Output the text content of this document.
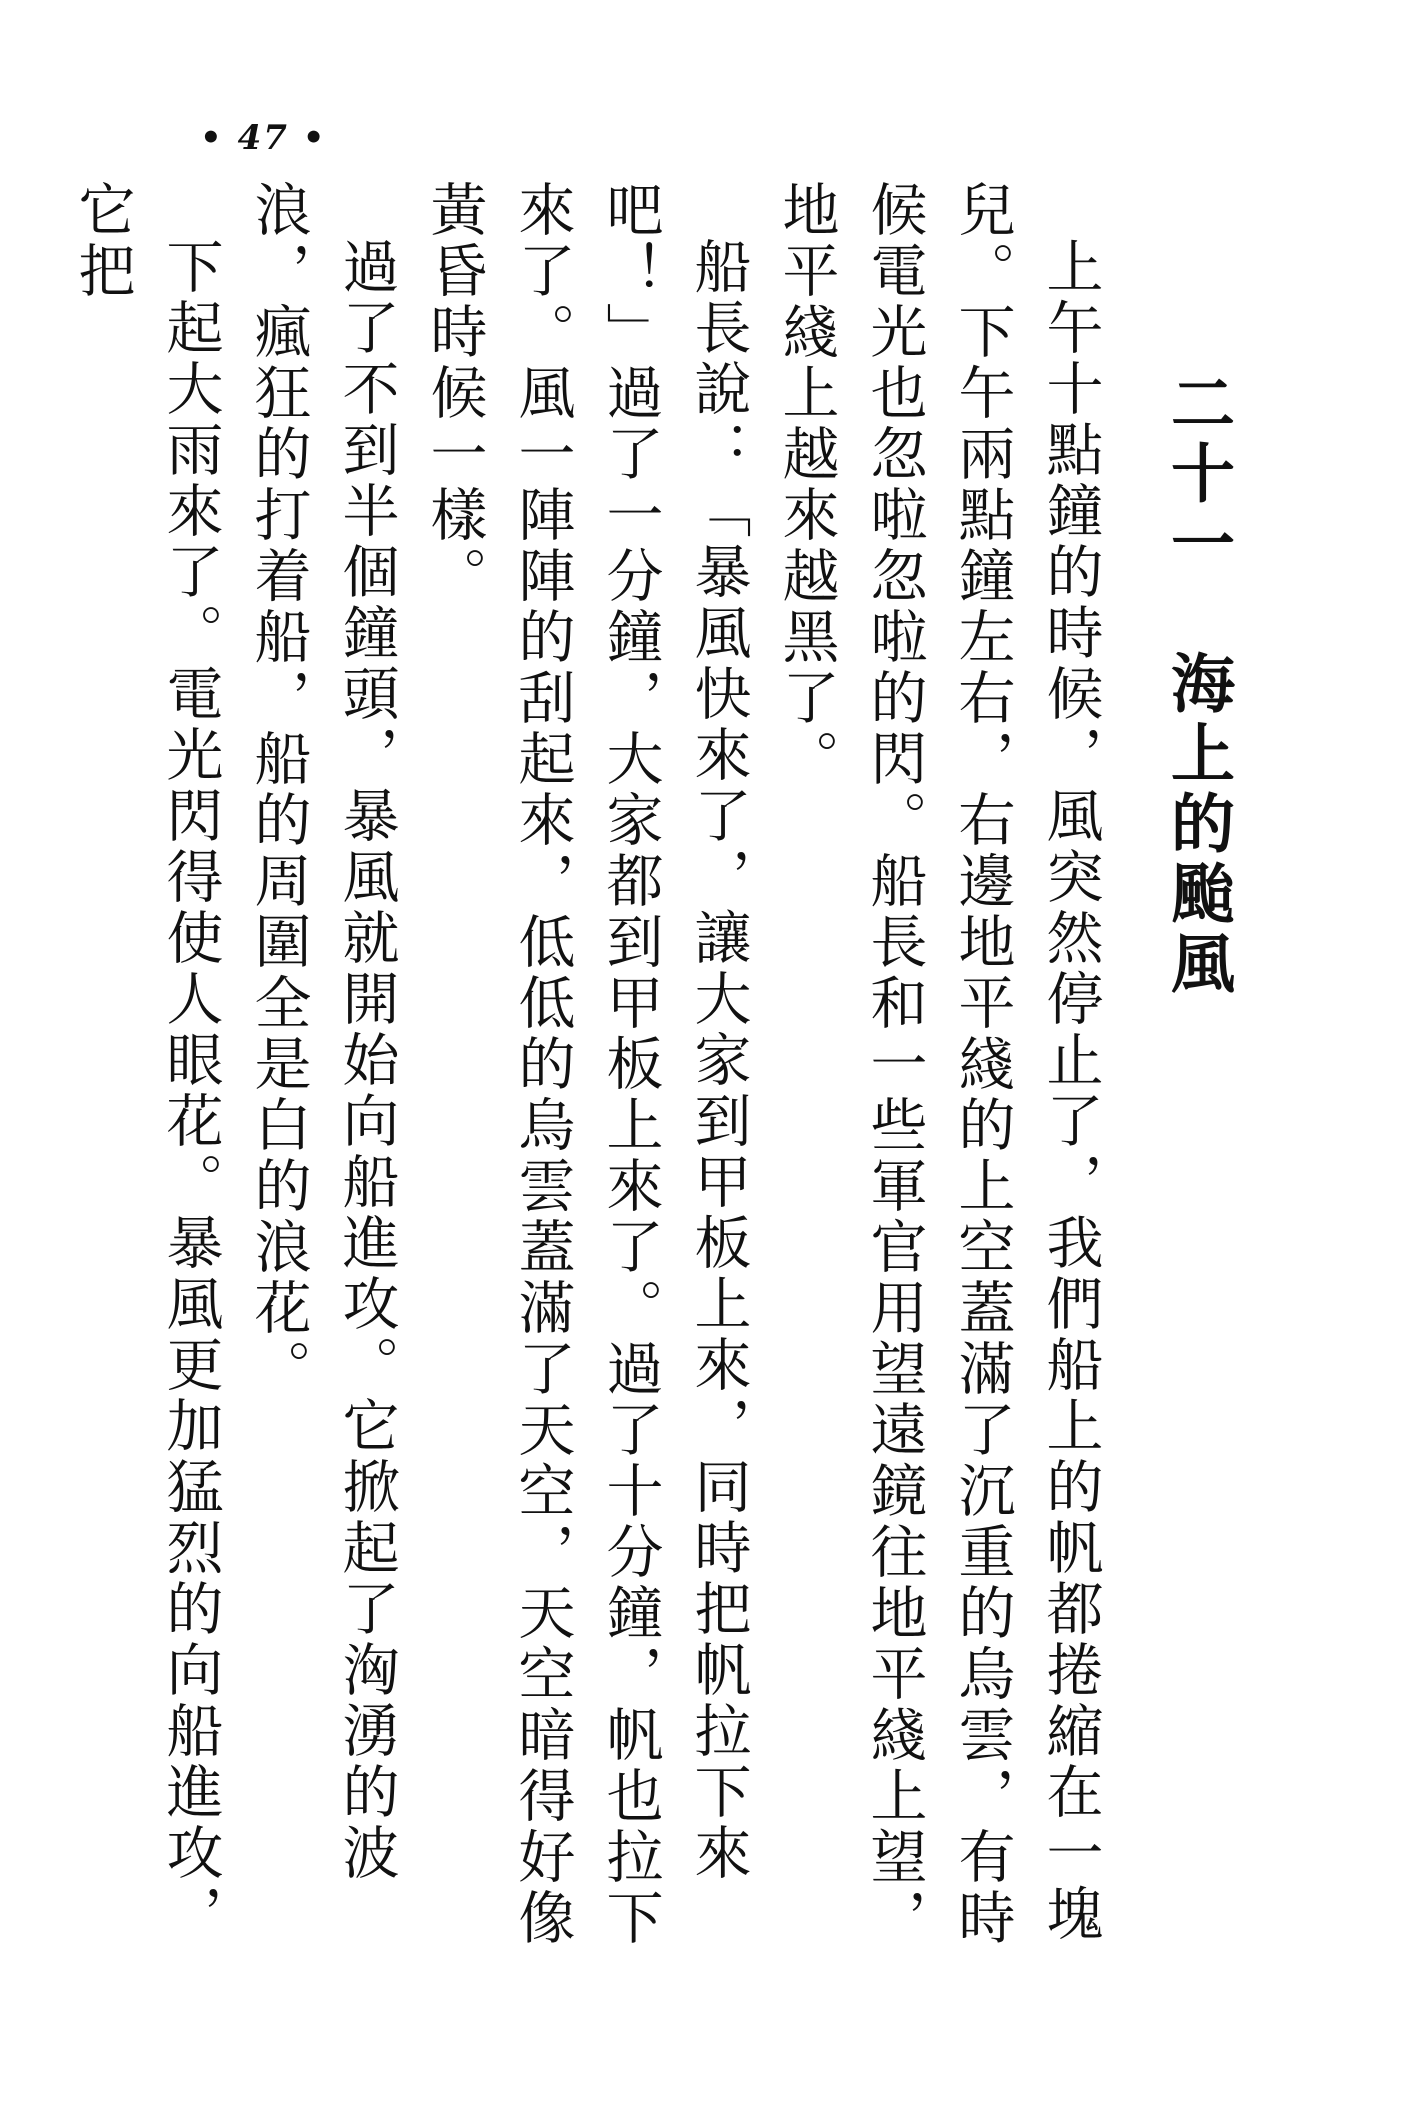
• 47 •
二十一　海上的颱風

上午十點鐘的時候，風突然停止了，我們船上的帆都捲縮在一塊兒。下午兩點鐘左右，右邊地平綫的上空蓋滿了沉重的烏雲，有時候電光也忽啦忽啦的閃。船長和一些軍官用望遠鏡往地平綫上望，地平綫上越來越黑了。

船長說：「暴風快來了，讓大家到甲板上來，同時把帆拉下來吧！」過了一分鐘，大家都到甲板上來了。過了十分鐘，帆也拉下來了。風一陣陣的刮起來，低低的烏雲蓋滿了天空，天空暗得好像黃昏時候一樣。

過了不到半個鐘頭，暴風就開始向船進攻。它掀起了洶湧的波浪，瘋狂的打着船，船的周圍全是白的浪花。

下起大雨來了。電光閃得使人眼花。暴風更加猛烈的向船進攻，它把
